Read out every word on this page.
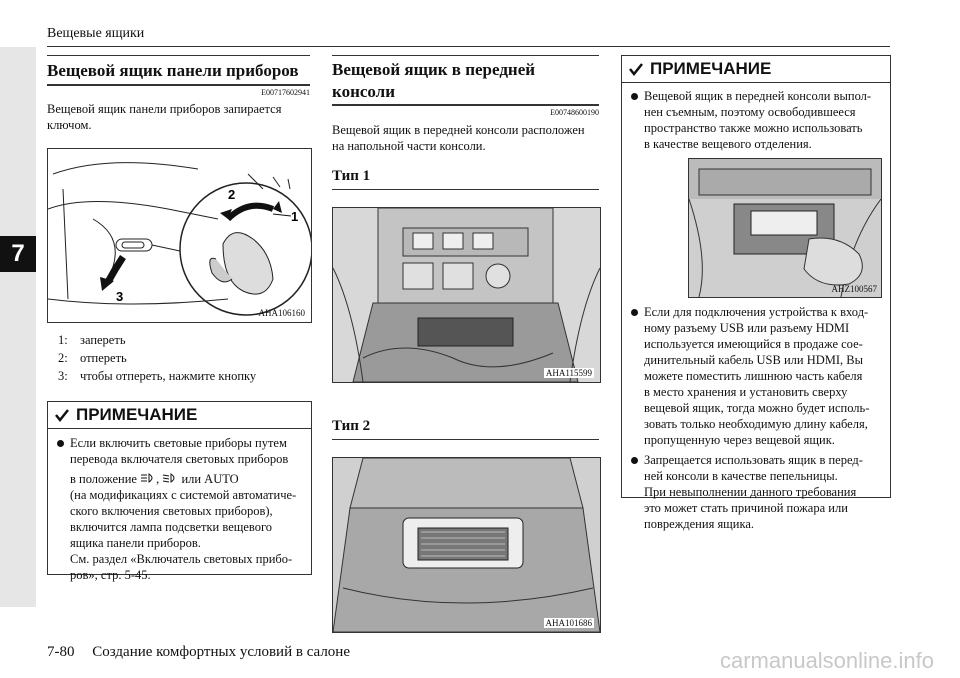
Вещевые ящики
7
Вещевой ящик панели приборов
E00717602941
Вещевой ящик панели приборов запирается ключом.
2
1
3
AHA106160
1: запереть
2: отпереть
3: чтобы отпереть, нажмите кнопку
ПРИМЕЧАНИЕ
Если включить световые приборы путем
перевода включателя световых приборов
в положение ,  или AUTO
(на модификациях с системой автоматиче-
ского включения световых приборов),
включится лампа подсветки вещевого
ящика панели приборов.
См. раздел «Включатель световых прибо-
ров», стр. 5-45.
Вещевой ящик в передней
консоли
E00748600190
Вещевой ящик в передней консоли расположен
на напольной части консоли.
Тип 1
AHA115599
Тип 2
AHA101686
ПРИМЕЧАНИЕ
Вещевой ящик в передней консоли выпол-
нен съемным, поэтому освободившееся
пространство также можно использовать
в качестве вещевого отделения.
AHZ100567
Если для подключения устройства к вход-
ному разъему USB или разъему HDMI
используется имеющийся в продаже сое-
динительный кабель USB или HDMI, Вы
можете поместить лишнюю часть кабеля
в место хранения и установить сверху
вещевой ящик, тогда можно будет исполь-
зовать только необходимую длину кабеля,
пропущенную через вещевой ящик.
Запрещается использовать ящик в перед-
ней консоли в качестве пепельницы.
При невыполнении данного требования
это может стать причиной пожара или
повреждения ящика.
7-80 Создание комфортных условий в салоне	carmanualsonline.info
